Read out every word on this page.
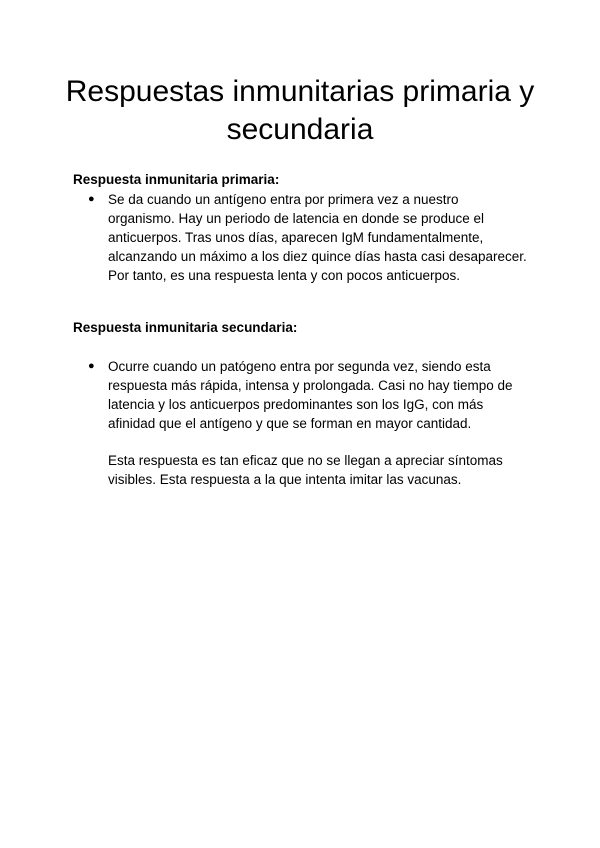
Respuestas inmunitarias primaria y secundaria
Respuesta inmunitaria primaria:
● Se da cuando un antígeno entra por primera vez a nuestro organismo. Hay un periodo de latencia en donde se produce el anticuerpos. Tras unos días, aparecen IgM fundamentalmente, alcanzando un máximo a los diez quince días hasta casi desaparecer. Por tanto, es una respuesta lenta y con pocos anticuerpos.

Respuesta inmunitaria secundaria:
● Ocurre cuando un patógeno entra por segunda vez, siendo esta respuesta más rápida, intensa y prolongada. Casi no hay tiempo de latencia y los anticuerpos predominantes son los IgG, con más afinidad que el antígeno y que se forman en mayor cantidad.

Esta respuesta es tan eficaz que no se llegan a apreciar síntomas visibles. Esta respuesta a la que intenta imitar las vacunas.
